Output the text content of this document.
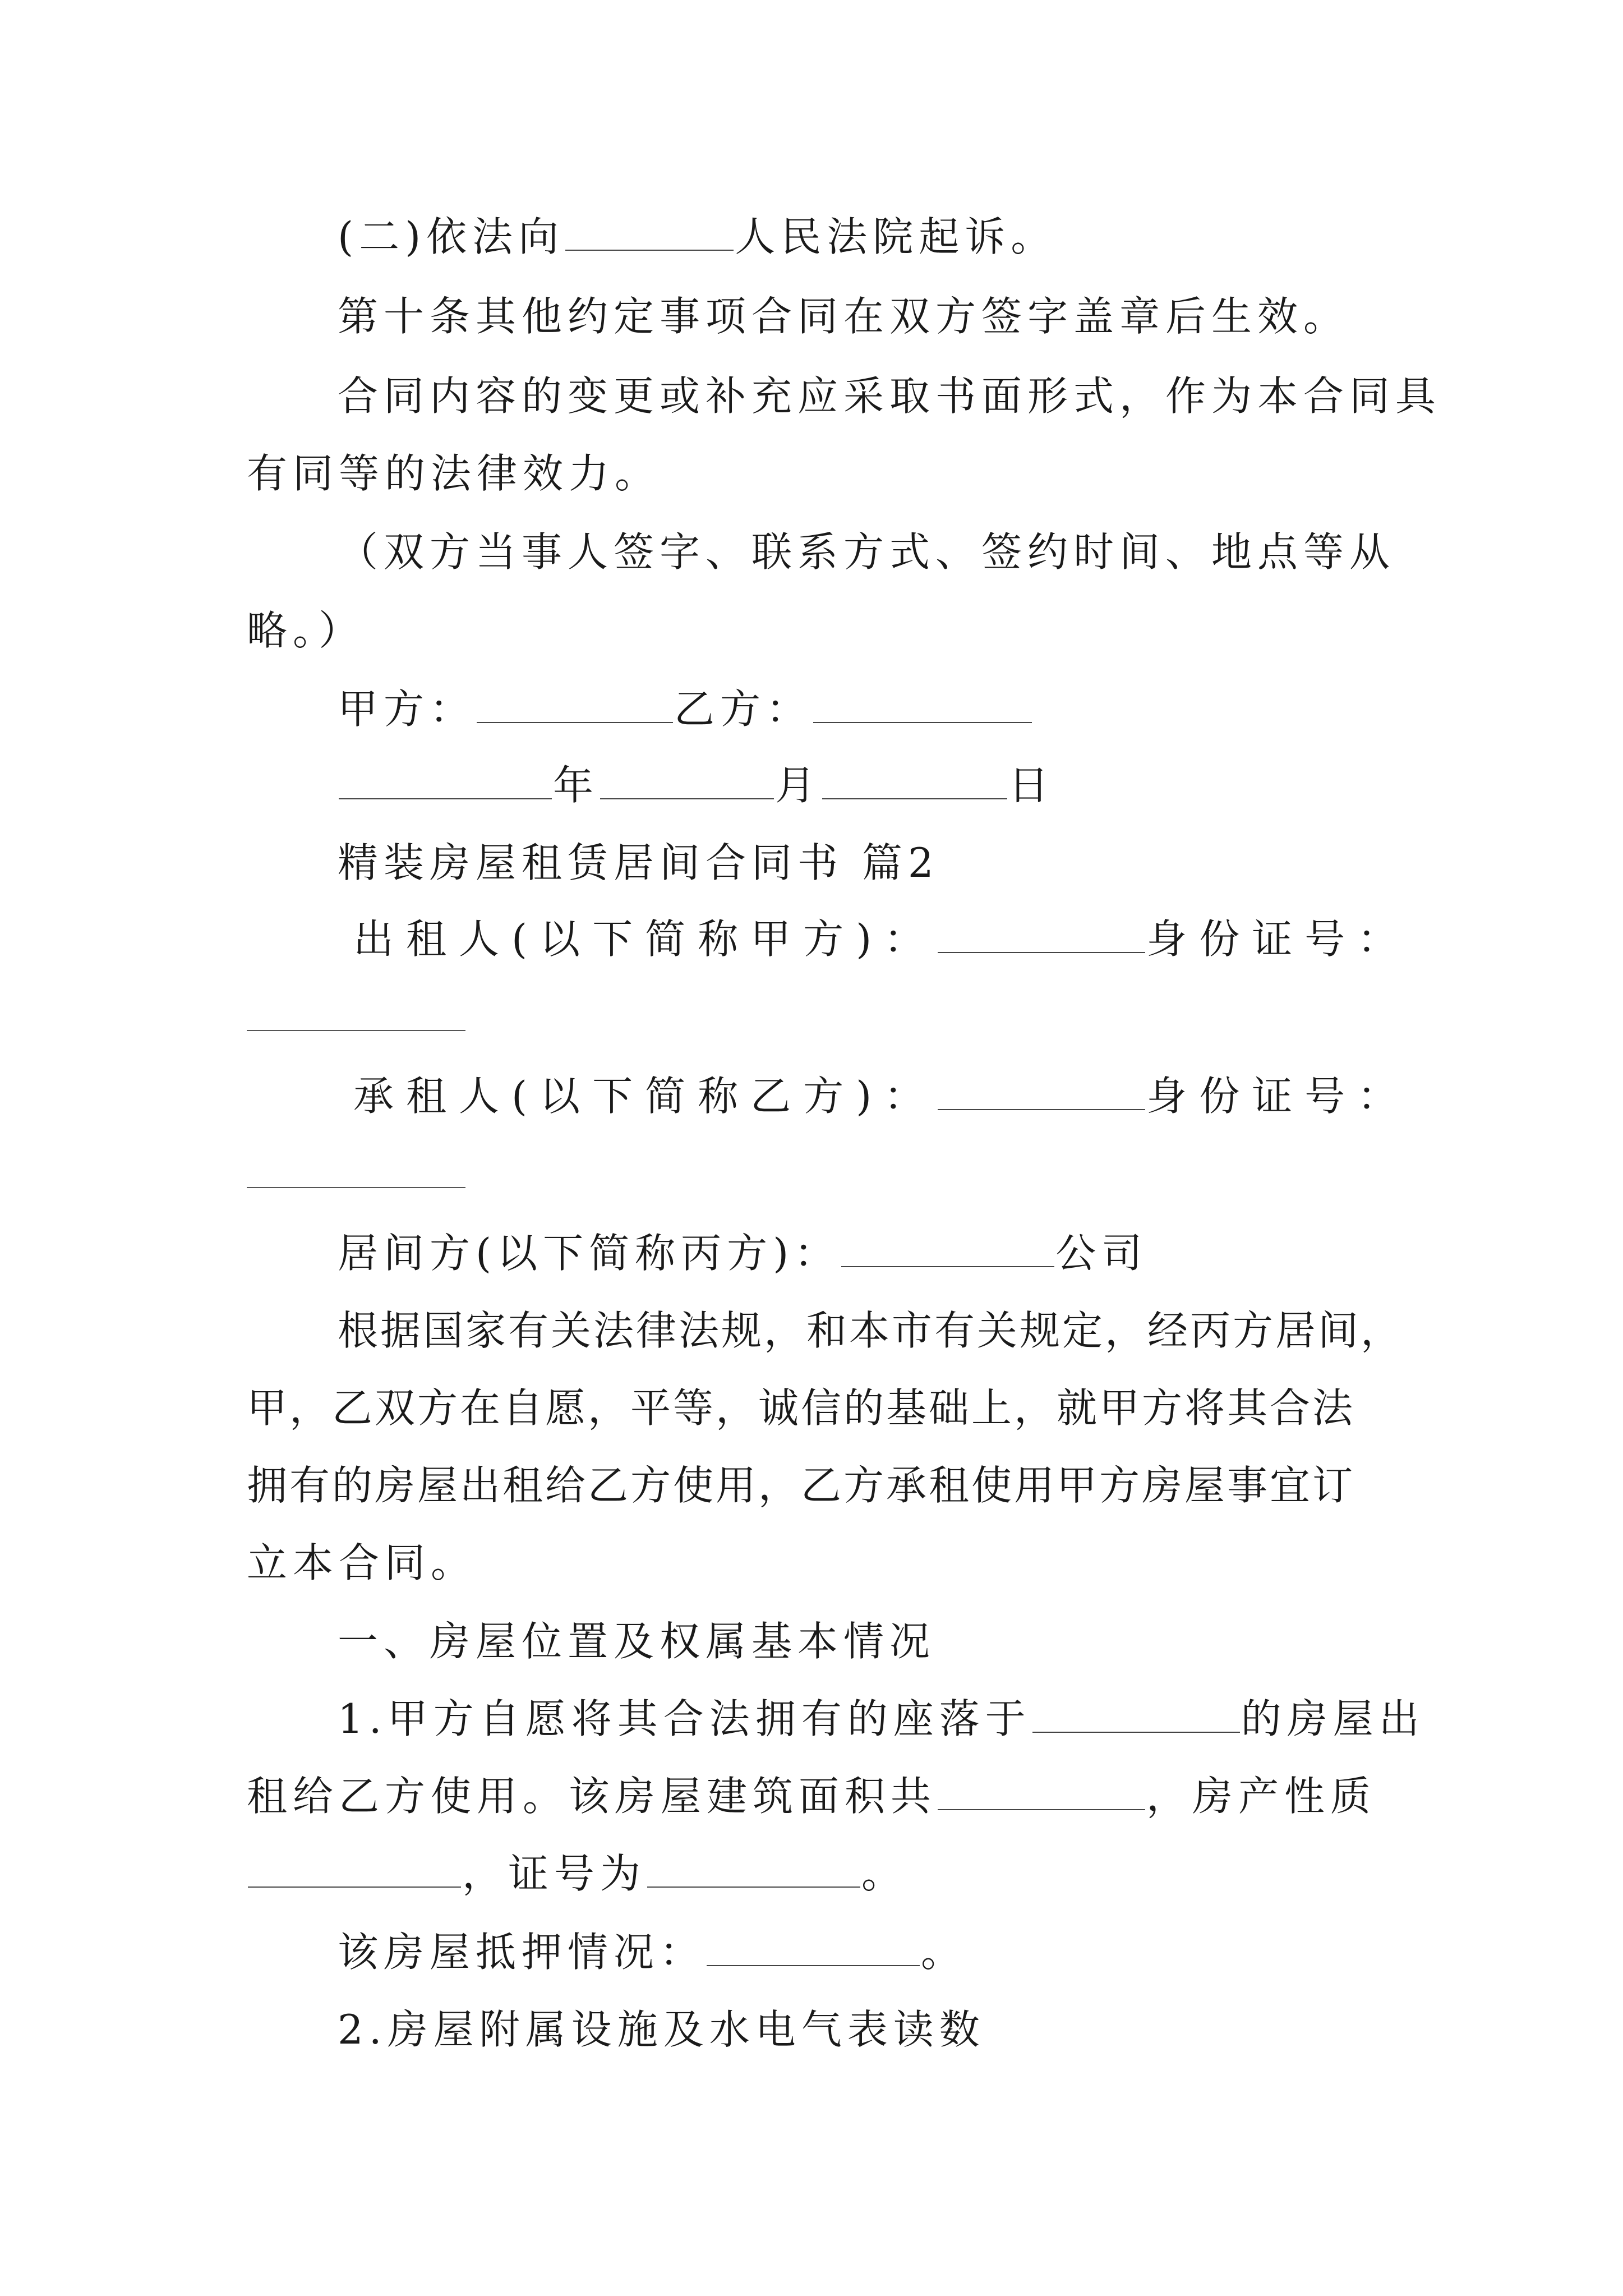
(二)依法向	人民法院起诉。
第十条其他约定事项合同在双方签字盖章后生效。
合同内容的变更或补充应采取书面形式，作为本合同具
有同等的法律效力。
（双方当事人签字、联系方式、签约时间、地点等从
略。）
甲方：	乙方：
年	月	日
精装房屋租赁居间合同书 篇2
出租人(以下简称甲方)：	身份证号：
承租人(以下简称乙方)：	身份证号：
居间方(以下简称丙方)：	公司
根据国家有关法律法规，和本市有关规定，经丙方居间，
甲，乙双方在自愿，平等，诚信的基础上，就甲方将其合法
拥有的房屋出租给乙方使用，乙方承租使用甲方房屋事宜订
立本合同。
一、房屋位置及权属基本情况
1.甲方自愿将其合法拥有的座落于	的房屋出
租给乙方使用。该房屋建筑面积共	，房产性质
，证号为	。
该房屋抵押情况：	。
2.房屋附属设施及水电气表读数
